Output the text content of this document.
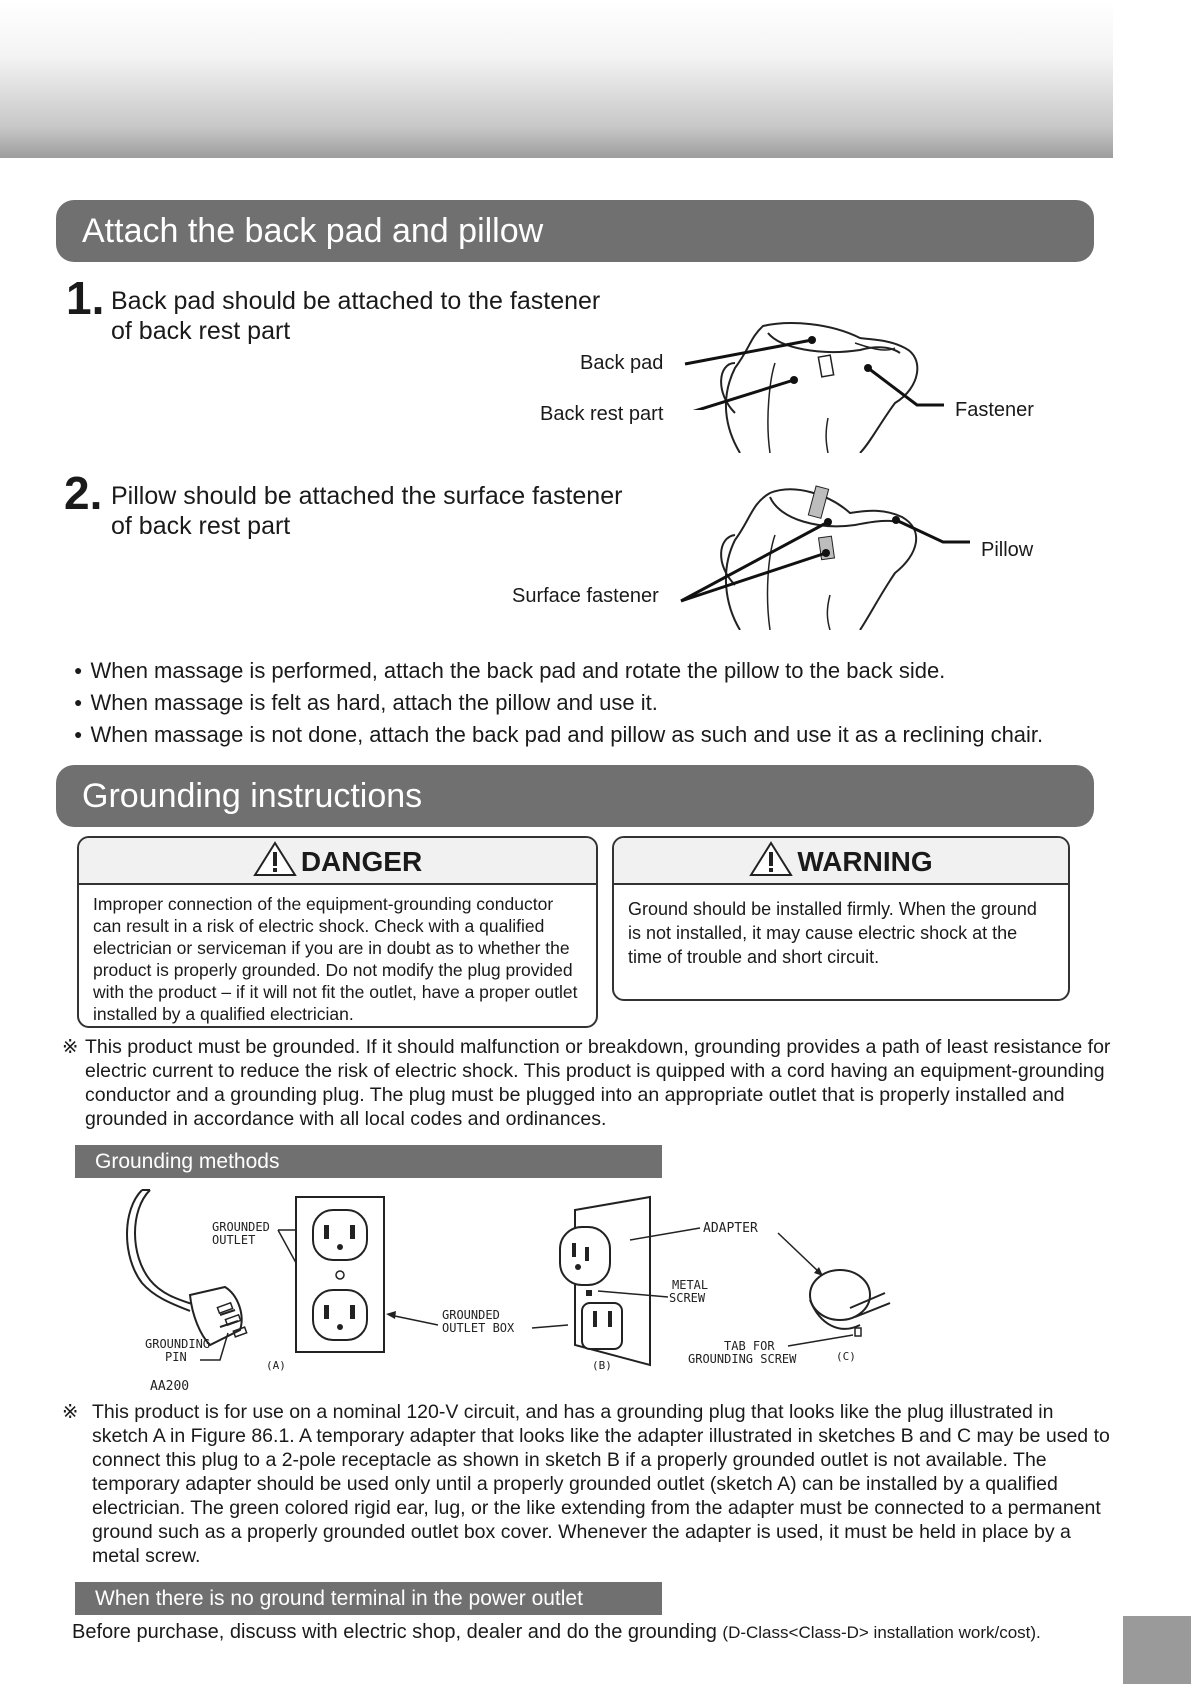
Attach the back pad and pillow
1. Back pad should be attached to the fastener
of back rest part
Back pad
Back rest part	Fastener
2. Pillow should be attached the surface fastener
of back rest part
Pillow
Surface fastener
● When massage is performed, attach the back pad and rotate the pillow to the back side.
● When massage is felt as hard, attach the pillow and use it.
● When massage is not done, attach the back pad and pillow as such and use it as a reclining chair.
Grounding instructions
DANGER
Improper connection of the equipment-grounding conductor can result in a risk of electric shock. Check with a qualified electrician or serviceman if you are in doubt as to whether the product is properly grounded. Do not modify the plug provided with the product – if it will not fit the outlet, have a proper outlet installed by a qualified electrician.
WARNING
Ground should be installed firmly. When the ground is not installed, it may cause electric shock at the time of trouble and short circuit.
※ This product must be grounded. If it should malfunction or breakdown, grounding provides a path of least resistance for electric current to reduce the risk of electric shock. This product is quipped with a cord having an equipment-grounding conductor and a grounding plug. The plug must be plugged into an appropriate outlet that is properly installed and grounded in accordance with all local codes and ordinances.
Grounding methods
GROUNDED
OUTLET
GROUNDING
PIN
AA200
(A)
GROUNDED
OUTLET BOX
(B)
ADAPTER
METAL
SCREW
TAB FOR
GROUNDING SCREW	(C)
※ This product is for use on a nominal 120-V circuit, and has a grounding plug that looks like the plug illustrated in sketch A in Figure 86.1. A temporary adapter that looks like the adapter illustrated in sketches B and C may be used to connect this plug to a 2-pole receptacle as shown in sketch B if a properly grounded outlet is not available. The temporary adapter should be used only until a properly grounded outlet (sketch A) can be installed by a qualified electrician. The green colored rigid ear, lug, or the like extending from the adapter must be connected to a permanent ground such as a properly grounded outlet box cover. Whenever the adapter is used, it must be held in place by a metal screw.
When there is no ground terminal in the power outlet
Before purchase, discuss with electric shop, dealer and do the grounding (D-Class<Class-D> installation work/cost).
